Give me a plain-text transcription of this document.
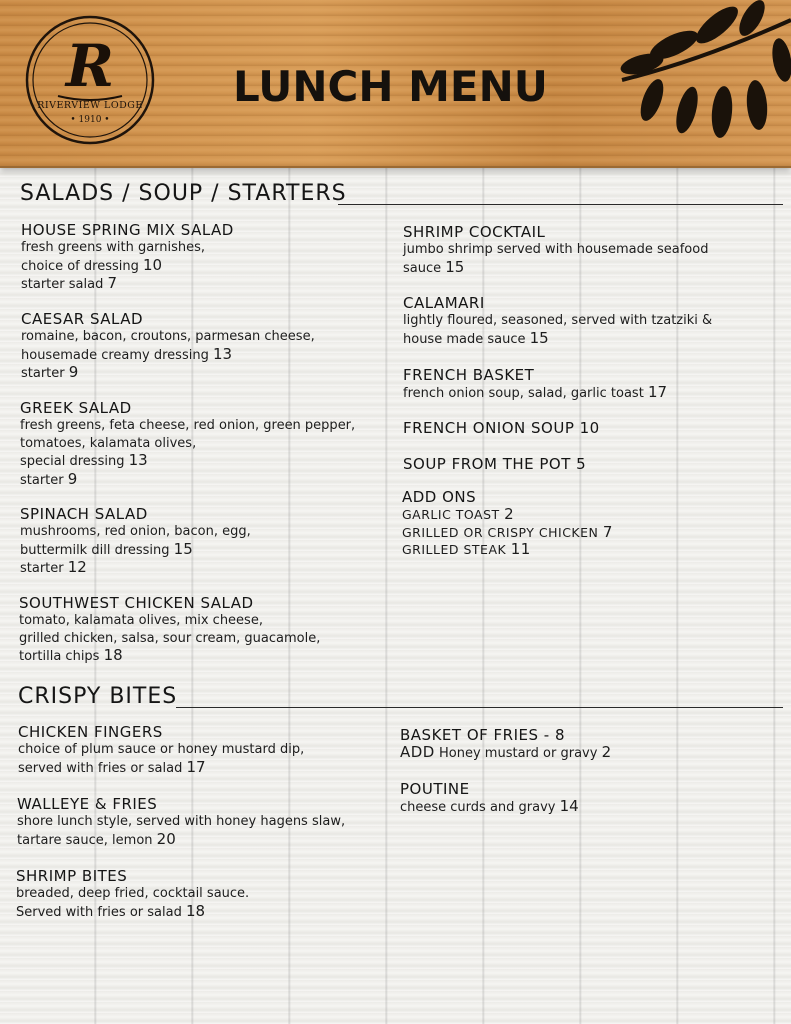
R
RIVERVIEW LODGE
• 1910 •
LUNCH MENU
SALADS / SOUP / STARTERS
HOUSE SPRING MIX SALAD
fresh greens with garnishes,
choice of dressing 10
starter salad 7
CAESAR SALAD
romaine, bacon, croutons, parmesan cheese,
housemade creamy dressing 13
starter 9
GREEK SALAD
fresh greens, feta cheese, red onion, green pepper,
tomatoes, kalamata olives,
special dressing 13
starter 9
SPINACH SALAD
mushrooms, red onion, bacon, egg,
buttermilk dill dressing 15
starter 12
SOUTHWEST CHICKEN SALAD
tomato, kalamata olives, mix cheese,
grilled chicken, salsa, sour cream, guacamole,
tortilla chips 18
SHRIMP COCKTAIL
jumbo shrimp served with housemade seafood
sauce 15
CALAMARI
lightly floured, seasoned, served with tzatziki &
house made sauce 15
FRENCH BASKET
french onion soup, salad, garlic toast 17
FRENCH ONION SOUP 10
SOUP FROM THE POT 5
ADD ONS
GARLIC TOAST 2
GRILLED OR CRISPY CHICKEN 7
GRILLED STEAK 11
CRISPY BITES
CHICKEN FINGERS
choice of plum sauce or honey mustard dip,
served with fries or salad 17
WALLEYE & FRIES
shore lunch style, served with honey hagens slaw,
tartare sauce, lemon 20
SHRIMP BITES
breaded, deep fried, cocktail sauce.
Served with fries or salad 18
BASKET OF FRIES - 8
ADD Honey mustard or gravy 2
POUTINE
cheese curds and gravy 14
